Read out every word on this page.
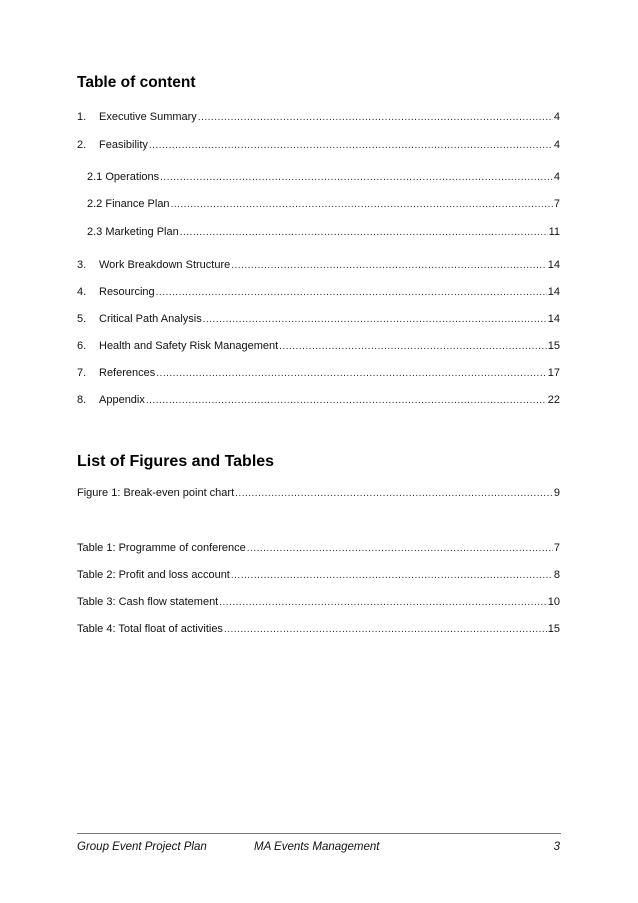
Table of content
1.	Executive Summary .....	4
2.	Feasibility .....	4
2.1 Operations .....	4
2.2 Finance Plan .....	7
2.3 Marketing Plan .....	11
3.	Work Breakdown Structure .....	14
4.	Resourcing .....	14
5.	Critical Path Analysis .....	14
6.	Health and Safety Risk Management .....	15
7.	References .....	17
8.	Appendix .....	22
List of Figures and Tables
Figure 1: Break-even point chart .....	9
Table 1: Programme of conference .....	7
Table 2: Profit and loss account .....	8
Table 3: Cash flow statement .....	10
Table 4: Total float of activities .....	15
Group Event Project Plan	MA Events Management	3
